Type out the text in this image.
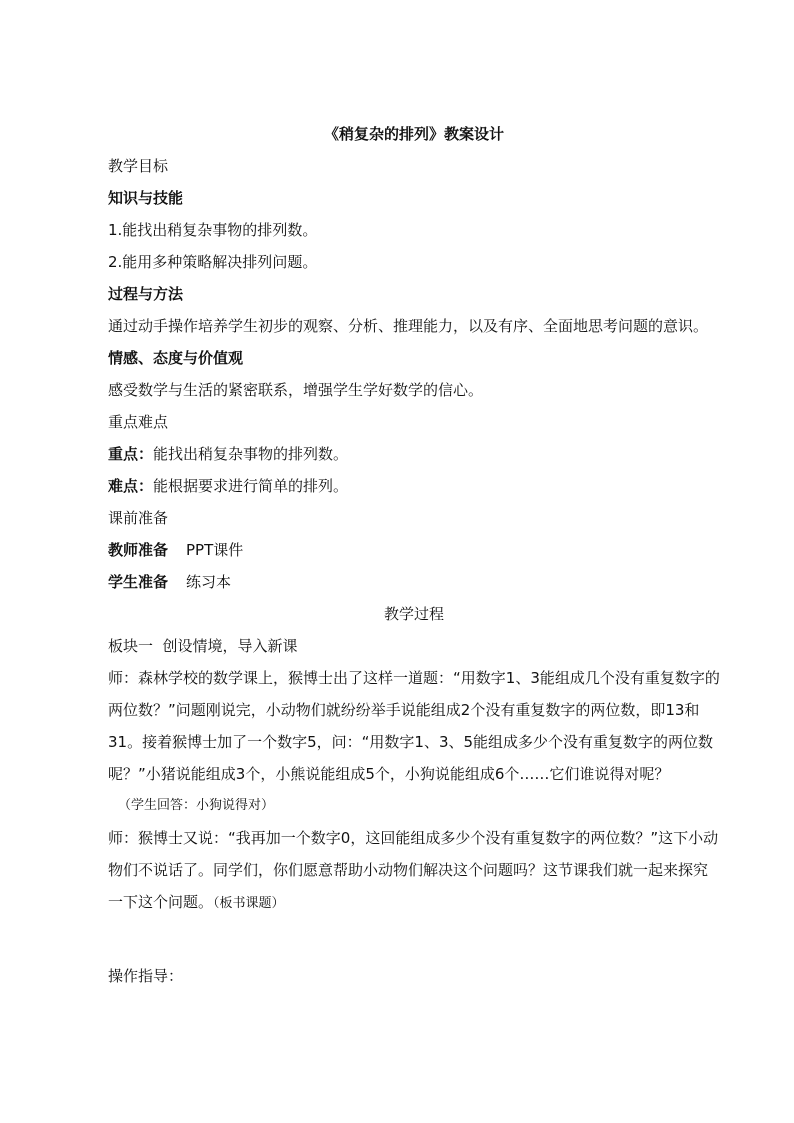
《稍复杂的排列》教案设计

教学目标

知识与技能

1.能找出稍复杂事物的排列数。

2.能用多种策略解决排列问题。

过程与方法

通过动手操作培养学生初步的观察、分析、推理能力，以及有序、全面地思考问题的意识。

情感、态度与价值观

感受数学与生活的紧密联系，增强学生学好数学的信心。

重点难点

重点：能找出稍复杂事物的排列数。

难点：能根据要求进行简单的排列。

课前准备

教师准备 PPT课件

学生准备 练习本

教学过程

板块一  创设情境，导入新课

师：森林学校的数学课上，猴博士出了这样一道题：“用数字1、3能组成几个没有重复数字的两位数？”问题刚说完，小动物们就纷纷举手说能组成2个没有重复数字的两位数，即13和31。接着猴博士加了一个数字5，问：“用数字1、3、5能组成多少个没有重复数字的两位数呢？”小猪说能组成3个，小熊说能组成5个，小狗说能组成6个……它们谁说得对呢？

（学生回答：小狗说得对）

师：猴博士又说：“我再加一个数字0，这回能组成多少个没有重复数字的两位数？”这下小动物们不说话了。同学们，你们愿意帮助小动物们解决这个问题吗？这节课我们就一起来探究一下这个问题。（板书课题）

操作指导：
